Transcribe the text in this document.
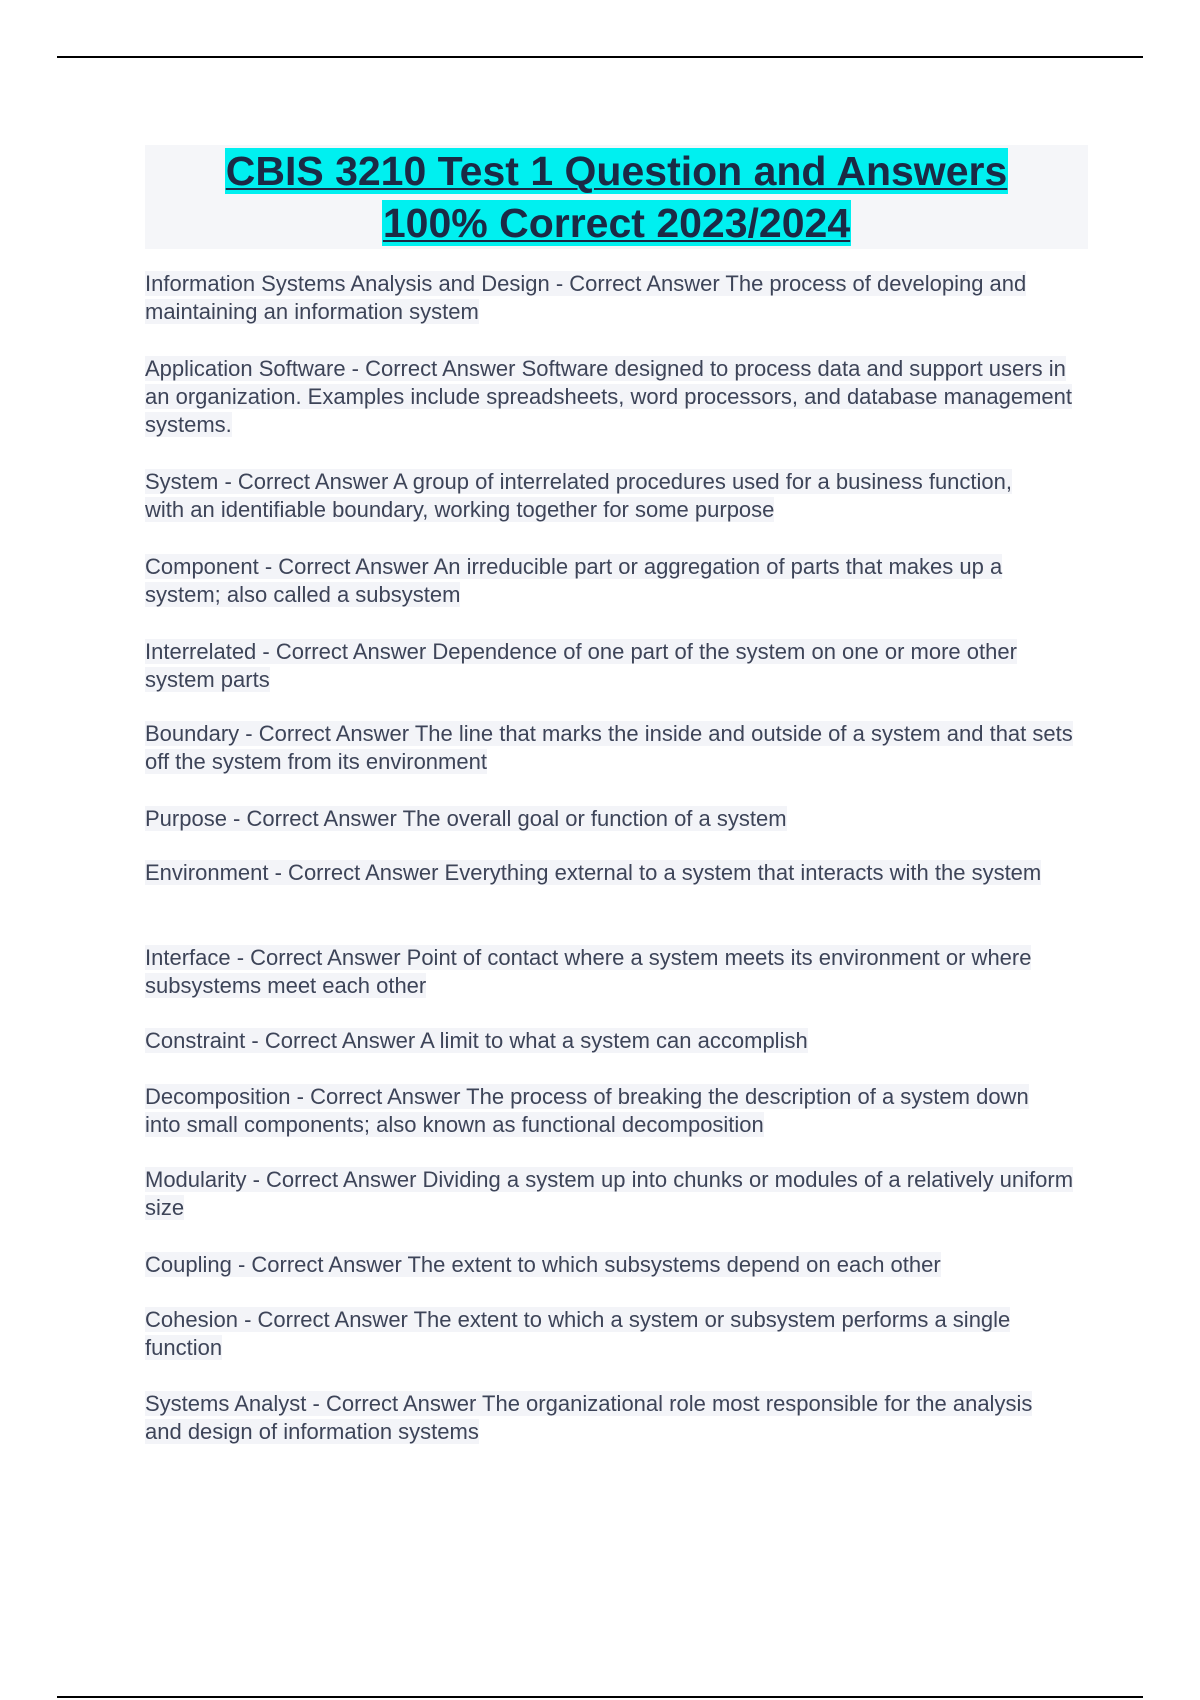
CBIS 3210 Test 1 Question and Answers
100% Correct 2023/2024

Information Systems Analysis and Design - Correct Answer The process of developing and maintaining an information system

Application Software - Correct Answer Software designed to process data and support users in an organization. Examples include spreadsheets, word processors, and database management systems.

System - Correct Answer A group of interrelated procedures used for a business function, with an identifiable boundary, working together for some purpose

Component - Correct Answer An irreducible part or aggregation of parts that makes up a system; also called a subsystem

Interrelated - Correct Answer Dependence of one part of the system on one or more other system parts

Boundary - Correct Answer The line that marks the inside and outside of a system and that sets off the system from its environment

Purpose - Correct Answer The overall goal or function of a system

Environment - Correct Answer Everything external to a system that interacts with the system

Interface - Correct Answer Point of contact where a system meets its environment or where subsystems meet each other

Constraint - Correct Answer A limit to what a system can accomplish

Decomposition - Correct Answer The process of breaking the description of a system down into small components; also known as functional decomposition

Modularity - Correct Answer Dividing a system up into chunks or modules of a relatively uniform size

Coupling - Correct Answer The extent to which subsystems depend on each other

Cohesion - Correct Answer The extent to which a system or subsystem performs a single function

Systems Analyst - Correct Answer The organizational role most responsible for the analysis and design of information systems
